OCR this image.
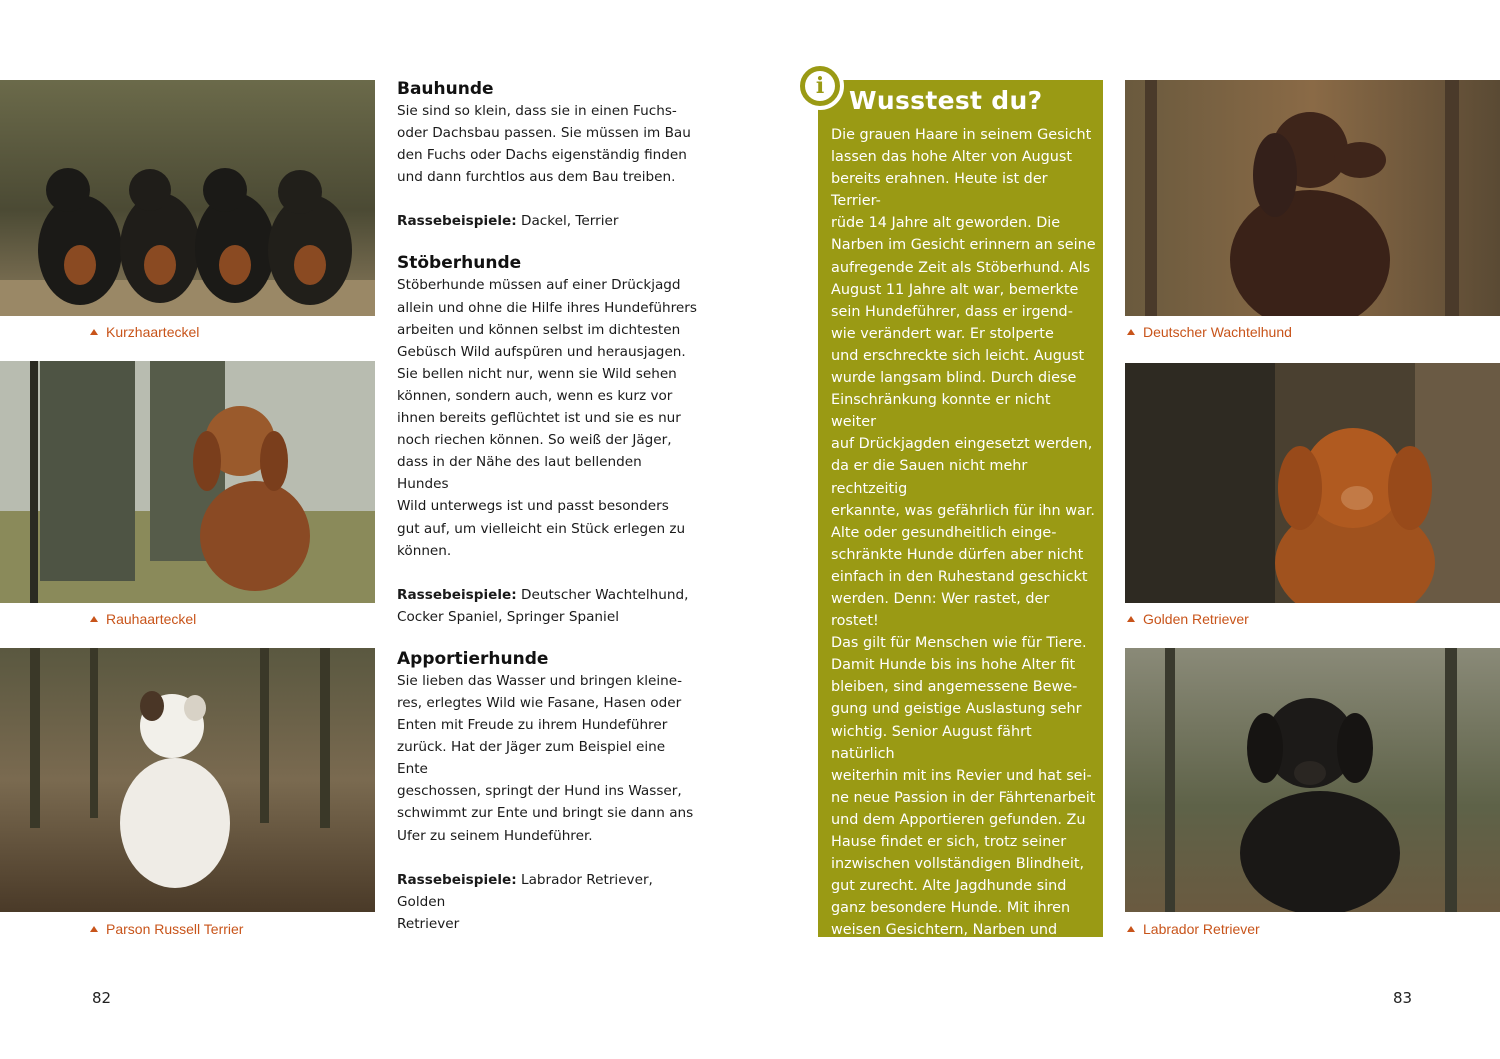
Kurzhaarteckel
Rauhaarteckel
Parson Russell Terrier
Bauhunde

Sie sind so klein, dass sie in einen Fuchs-
oder Dachsbau passen. Sie müssen im Bau
den Fuchs oder Dachs eigenständig finden
und dann furchtlos aus dem Bau treiben.

Rassebeispiele: Dackel, Terrier

Stöberhunde

Stöberhunde müssen auf einer Drückjagd
allein und ohne die Hilfe ihres Hundeführers
arbeiten und können selbst im dichtesten
Gebüsch Wild aufspüren und herausjagen.
Sie bellen nicht nur, wenn sie Wild sehen
können, sondern auch, wenn es kurz vor
ihnen bereits geflüchtet ist und sie es nur
noch riechen können. So weiß der Jäger,
dass in der Nähe des laut bellenden Hundes
Wild unterwegs ist und passt besonders
gut auf, um vielleicht ein Stück erlegen zu
können.

Rassebeispiele: Deutscher Wachtelhund,
Cocker Spaniel, Springer Spaniel

Apportierhunde

Sie lieben das Wasser und bringen kleine-
res, erlegtes Wild wie Fasane, Hasen oder
Enten mit Freude zu ihrem Hundeführer
zurück. Hat der Jäger zum Beispiel eine Ente
geschossen, springt der Hund ins Wasser,
schwimmt zur Ente und bringt sie dann ans
Ufer zu seinem Hundeführer.

Rassebeispiele: Labrador Retriever, Golden
Retriever

82
Wusstest du?
Die grauen Haare in seinem Gesicht
lassen das hohe Alter von August
bereits erahnen. Heute ist der Terrier-
rüde 14 Jahre alt geworden. Die
Narben im Gesicht erinnern an seine
aufregende Zeit als Stöberhund. Als
August 11 Jahre alt war, bemerkte
sein Hundeführer, dass er irgend-
wie verändert war. Er stolperte
und erschreckte sich leicht. August
wurde langsam blind. Durch diese
Einschränkung konnte er nicht weiter
auf Drückjagden eingesetzt werden,
da er die Sauen nicht mehr rechtzeitig
erkannte, was gefährlich für ihn war.
Alte oder gesundheitlich einge-
schränkte Hunde dürfen aber nicht
einfach in den Ruhestand geschickt
werden. Denn: Wer rastet, der rostet!
Das gilt für Menschen wie für Tiere.
Damit Hunde bis ins hohe Alter fit
bleiben, sind angemessene Bewe-
gung und geistige Auslastung sehr
wichtig. Senior August fährt natürlich
weiterhin mit ins Revier und hat sei-
ne neue Passion in der Fährtenarbeit
und dem Apportieren gefunden. Zu
Hause findet er sich, trotz seiner
inzwischen vollständigen Blindheit,
gut zurecht. Alte Jagdhunde sind
ganz besondere Hunde. Mit ihren
weisen Gesichtern, Narben und
Macken erzählen sie noch einmal all
die Jagdgeschichten aus vergange-
nen Tagen, die sie mit ihrem Hunde-
führer gemeinsam erlebt haben.
i
Deutscher Wachtelhund
Golden Retriever
Labrador Retriever
83
